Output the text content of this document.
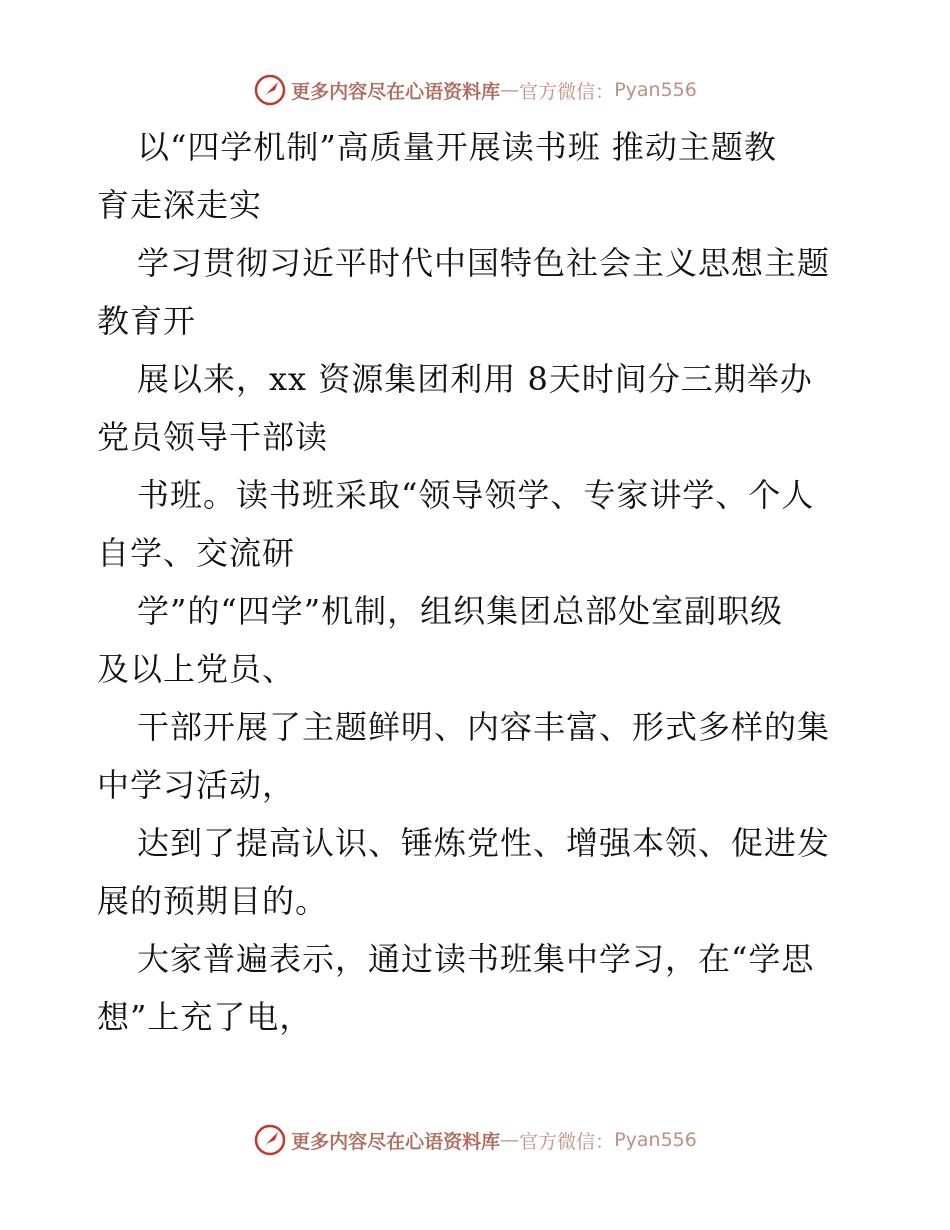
更多内容尽在心语资料库 — 官方微信： Pyan556

以“四学机制”高质量开展读书班 推动主题教
育走深走实

学习贯彻习近平时代中国特色社会主义思想主题
教育开

展以来，xx 资源集团利用 8天时间分三期举办
党员领导干部读

书班。读书班采取“领导领学、专家讲学、个人
自学、交流研

学”的“四学”机制，组织集团总部处室副职级
及以上党员、

干部开展了主题鲜明、内容丰富、形式多样的集
中学习活动，

达到了提高认识、锤炼党性、增强本领、促进发
展的预期目的。

大家普遍表示，通过读书班集中学习，在“学思
想”上充了电，

更多内容尽在心语资料库 — 官方微信： Pyan556
